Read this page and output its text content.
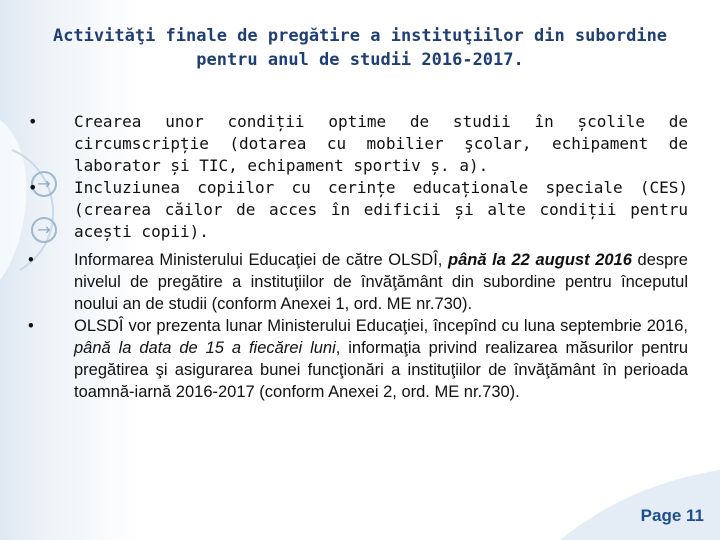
→
→
Activităţi finale de pregătire a instituţiilor din subordine
pentru anul de studii 2016-2017.
• Crearea unor condiții optime de studii în școlile de circumscripție (dotarea cu mobilier şcolar, echipament de laborator și TIC, echipament sportiv ș. a).
• Incluziunea copiilor cu cerințe educaționale speciale (CES)(crearea căilor de acces în edificii și alte condiții pentru acești copii).
• Informarea Ministerului Educaţiei de către OLSDÎ, până la 22 august 2016 despre nivelul de pregătire a instituţiilor de învăţământ din subordine pentru începutul noului an de studii (conform Anexei 1, ord. ME nr.730).
• OLSDÎ vor prezenta lunar Ministerului Educaţiei, începînd cu luna septembrie 2016, până la data de 15 a fiecărei luni, informaţia privind realizarea măsurilor pentru pregătirea şi asigurarea bunei funcţionări a instituţiilor de învăţământ în perioada toamnă-iarnă 2016-2017 (conform Anexei 2, ord. ME nr.730).
Page 11
